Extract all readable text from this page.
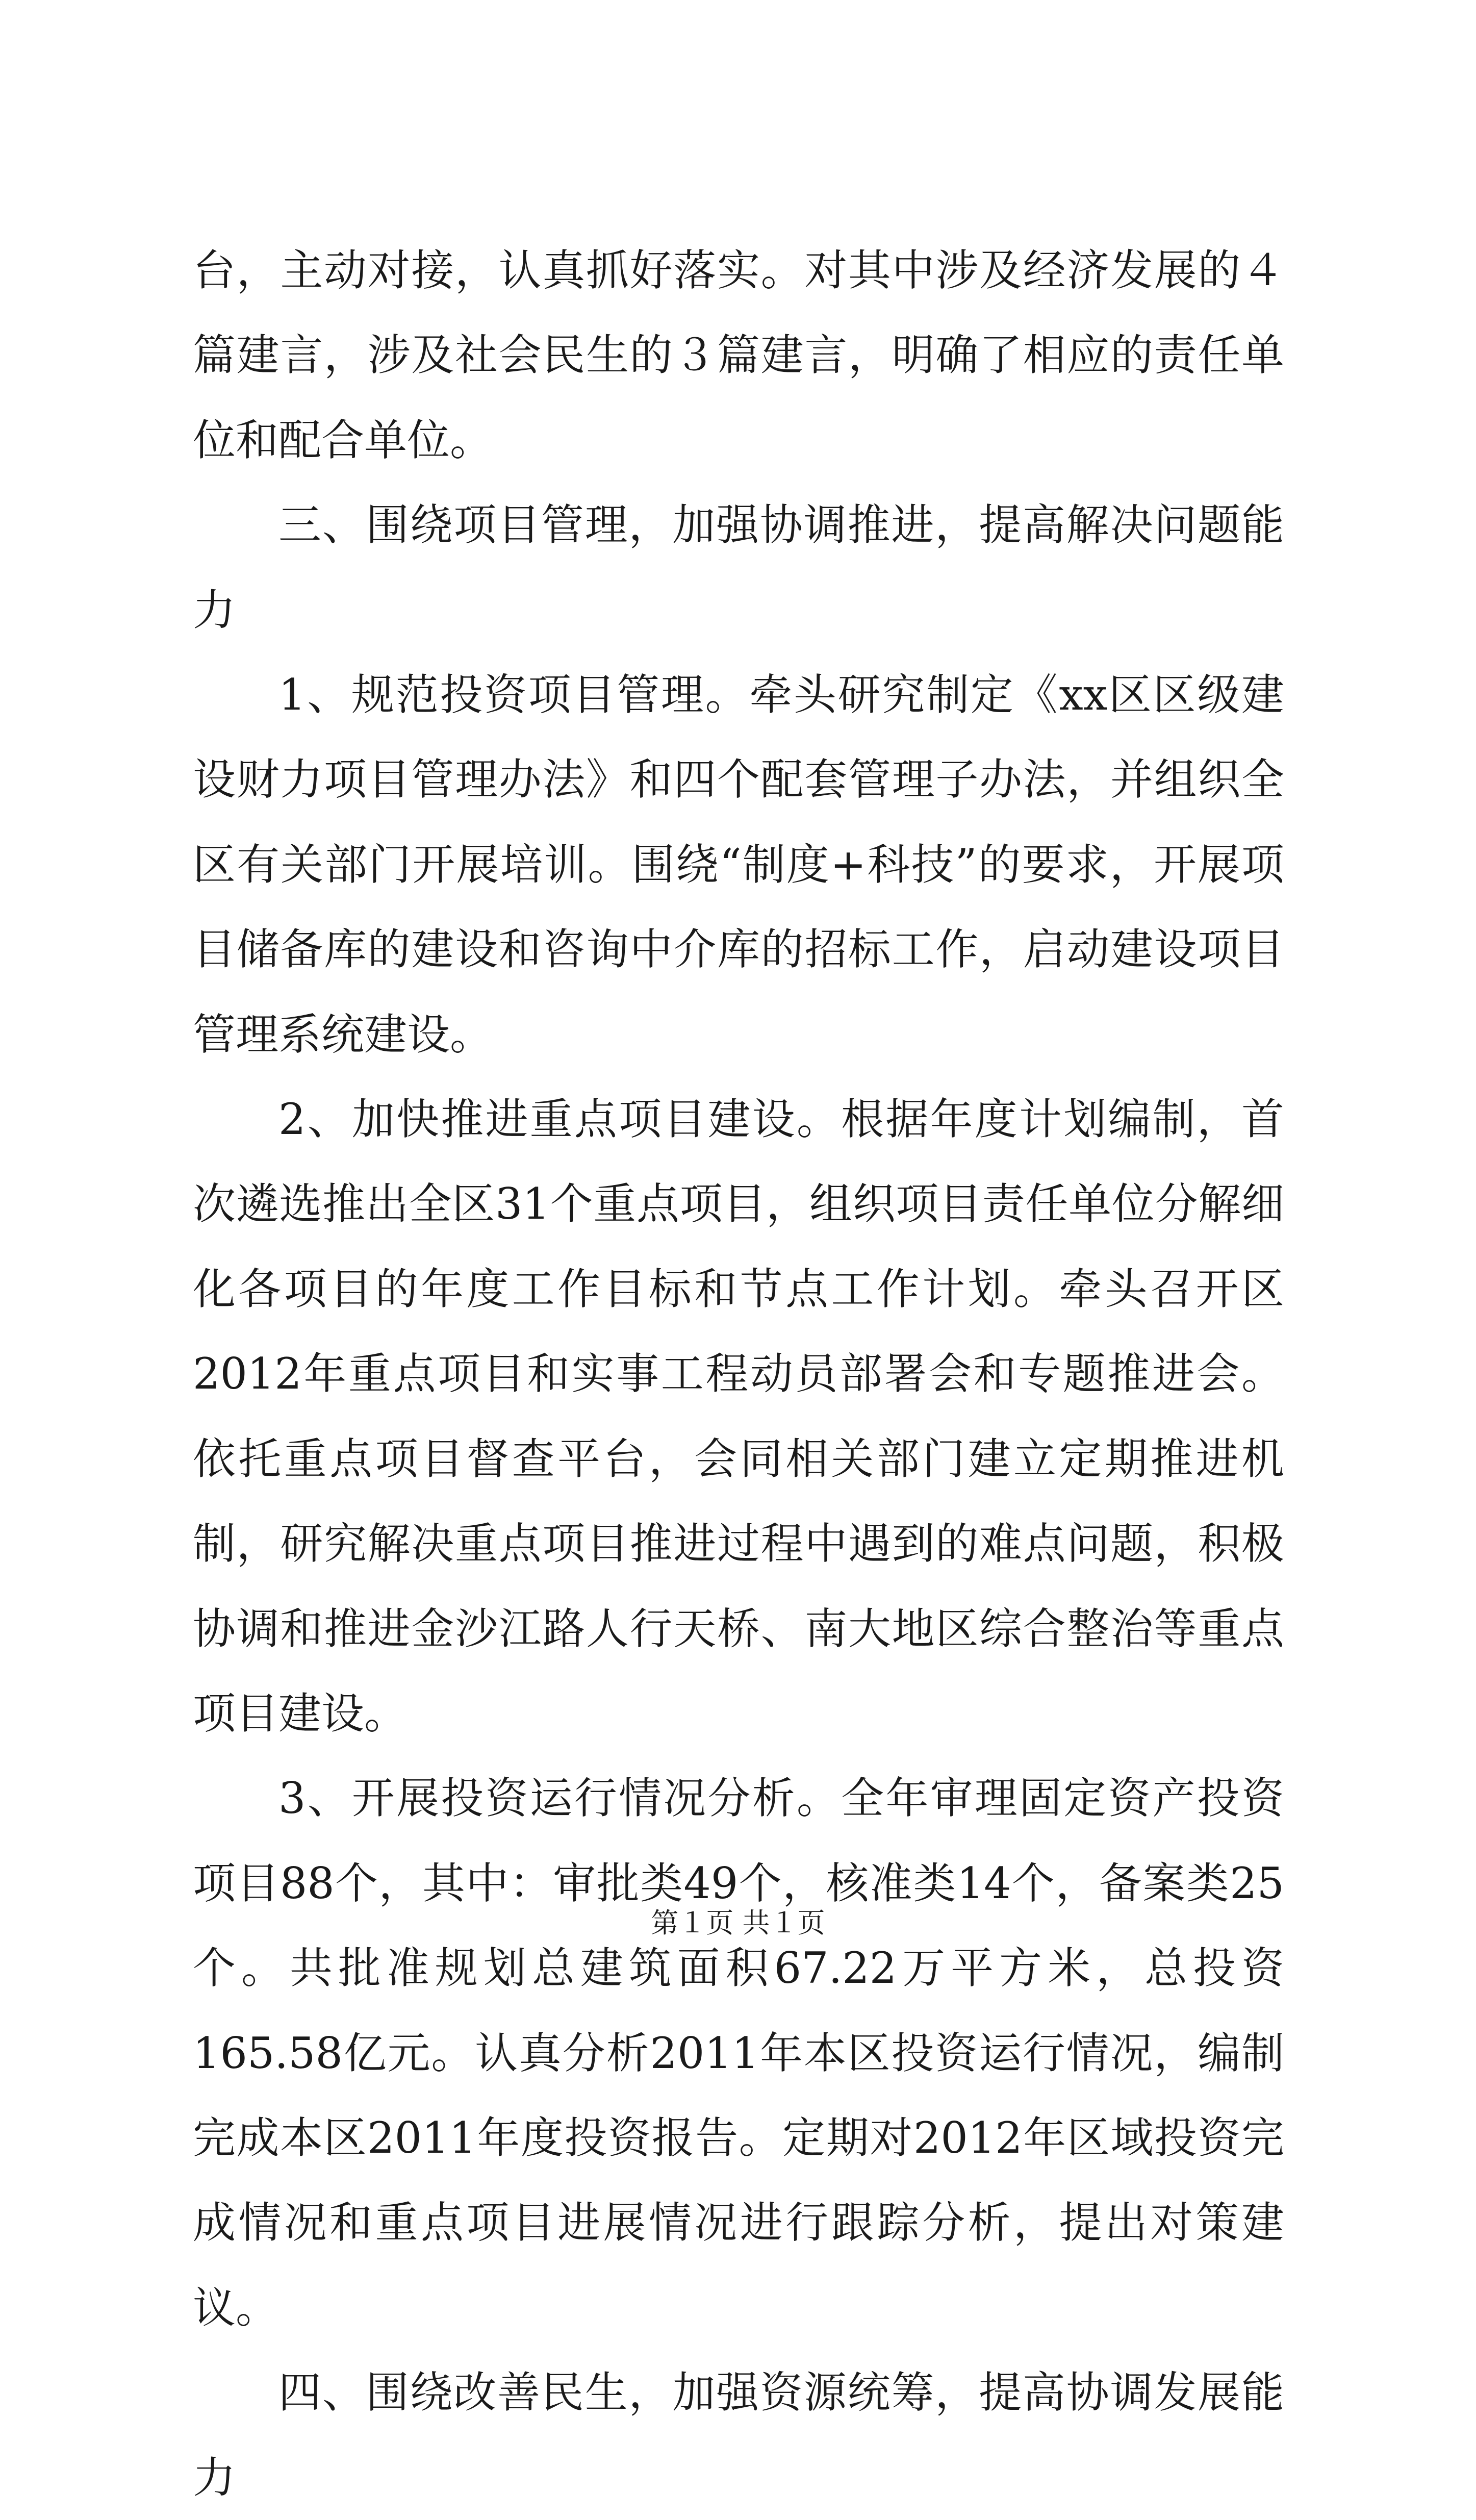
台，主动对接，认真抓好落实。对其中涉及经济发展的４篇建言，涉及社会民生的３篇建言，明确了相应的责任单位和配合单位。

三、围绕项目管理，加强协调推进，提高解决问题能力

1、规范投资项目管理。牵头研究制定《xx区区级建设财力项目管理办法》和四个配套管理子办法，并组织全区有关部门开展培训。围绕“制度+科技”的要求，开展项目储备库的建设和咨询中介库的招标工作，启动建设项目管理系统建设。

2、加快推进重点项目建设。根据年度计划编制，首次遴选推出全区31个重点项目，组织项目责任单位分解细化各项目的年度工作目标和节点工作计划。牵头召开区2012年重点项目和实事工程动员部署会和专题推进会。依托重点项目督查平台，会同相关部门建立定期推进机制，研究解决重点项目推进过程中遇到的难点问题，积极协调和推进金沙江路人行天桥、南大地区综合整治等重点项目建设。

3、开展投资运行情况分析。全年审理固定资产投资项目88个，其中：审批类49个，核准类14个，备案类25个。共批准规划总建筑面积67.22万平方米，总投资165.58亿元。认真分析2011年本区投资运行情况，编制完成本区2011年度投资报告。定期对2012年区域投资完成情况和重点项目进展情况进行跟踪分析，提出对策建议。

四、围绕改善民生，加强资源统筹，提高协调发展能力

第１页 共１页
